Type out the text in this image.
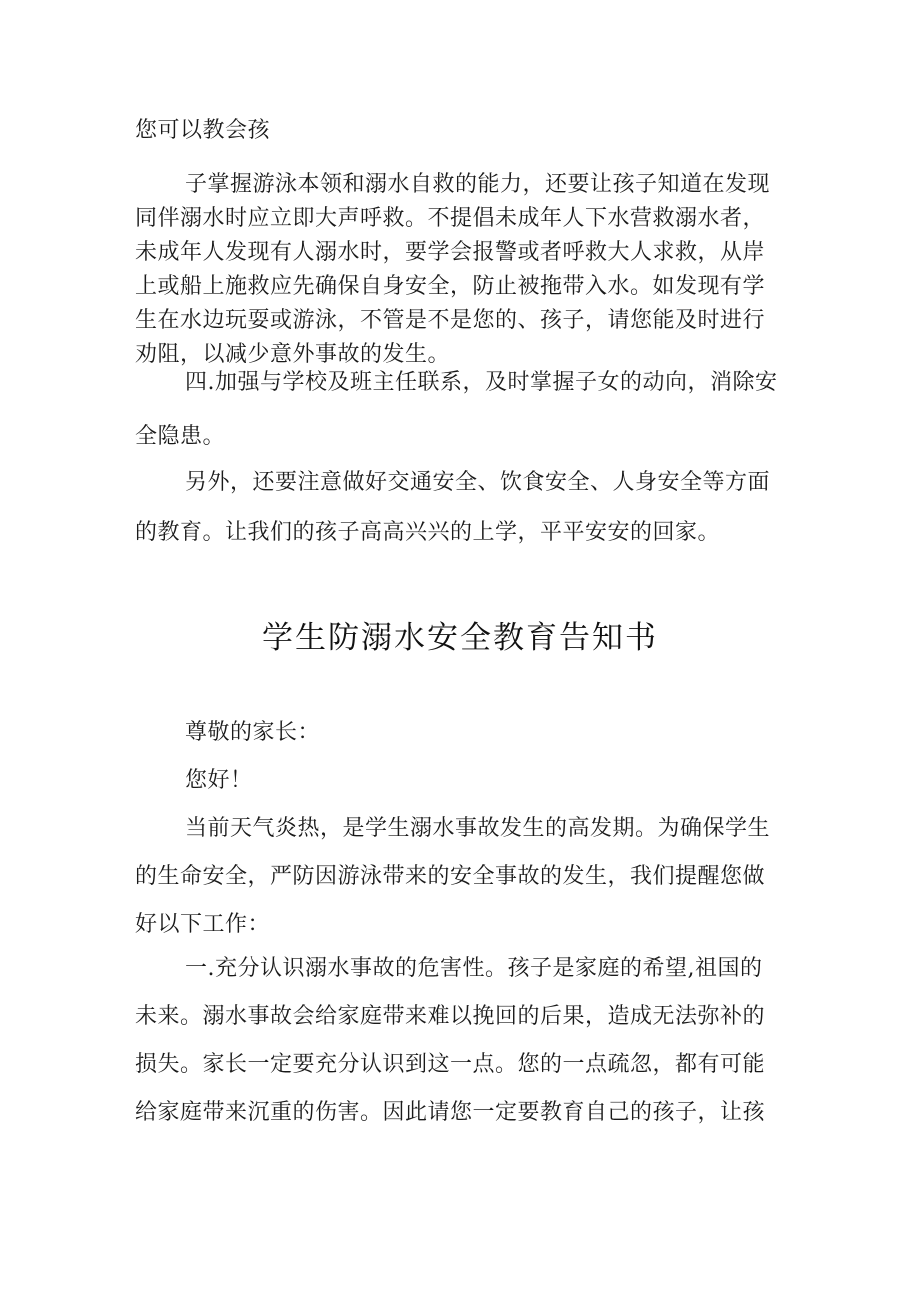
您可以教会孩

子掌握游泳本领和溺水自救的能力，还要让孩子知道在发现
同伴溺水时应立即大声呼救。不提倡未成年人下水营救溺水者，
未成年人发现有人溺水时，要学会报警或者呼救大人求救，从岸
上或船上施救应先确保自身安全，防止被拖带入水。如发现有学
生在水边玩耍或游泳，不管是不是您的、孩子，请您能及时进行
劝阻，以减少意外事故的发生。

四.加强与学校及班主任联系，及时掌握子女的动向，消除安
全隐患。

另外，还要注意做好交通安全、饮食安全、人身安全等方面
的教育。让我们的孩子高高兴兴的上学，平平安安的回家。

学生防溺水安全教育告知书

尊敬的家长：

您好！

当前天气炎热，是学生溺水事故发生的高发期。为确保学生
的生命安全，严防因游泳带来的安全事故的发生，我们提醒您做
好以下工作：

一.充分认识溺水事故的危害性。孩子是家庭的希望,祖国的
未来。溺水事故会给家庭带来难以挽回的后果，造成无法弥补的
损失。家长一定要充分认识到这一点。您的一点疏忽，都有可能
给家庭带来沉重的伤害。因此请您一定要教育自己的孩子，让孩
